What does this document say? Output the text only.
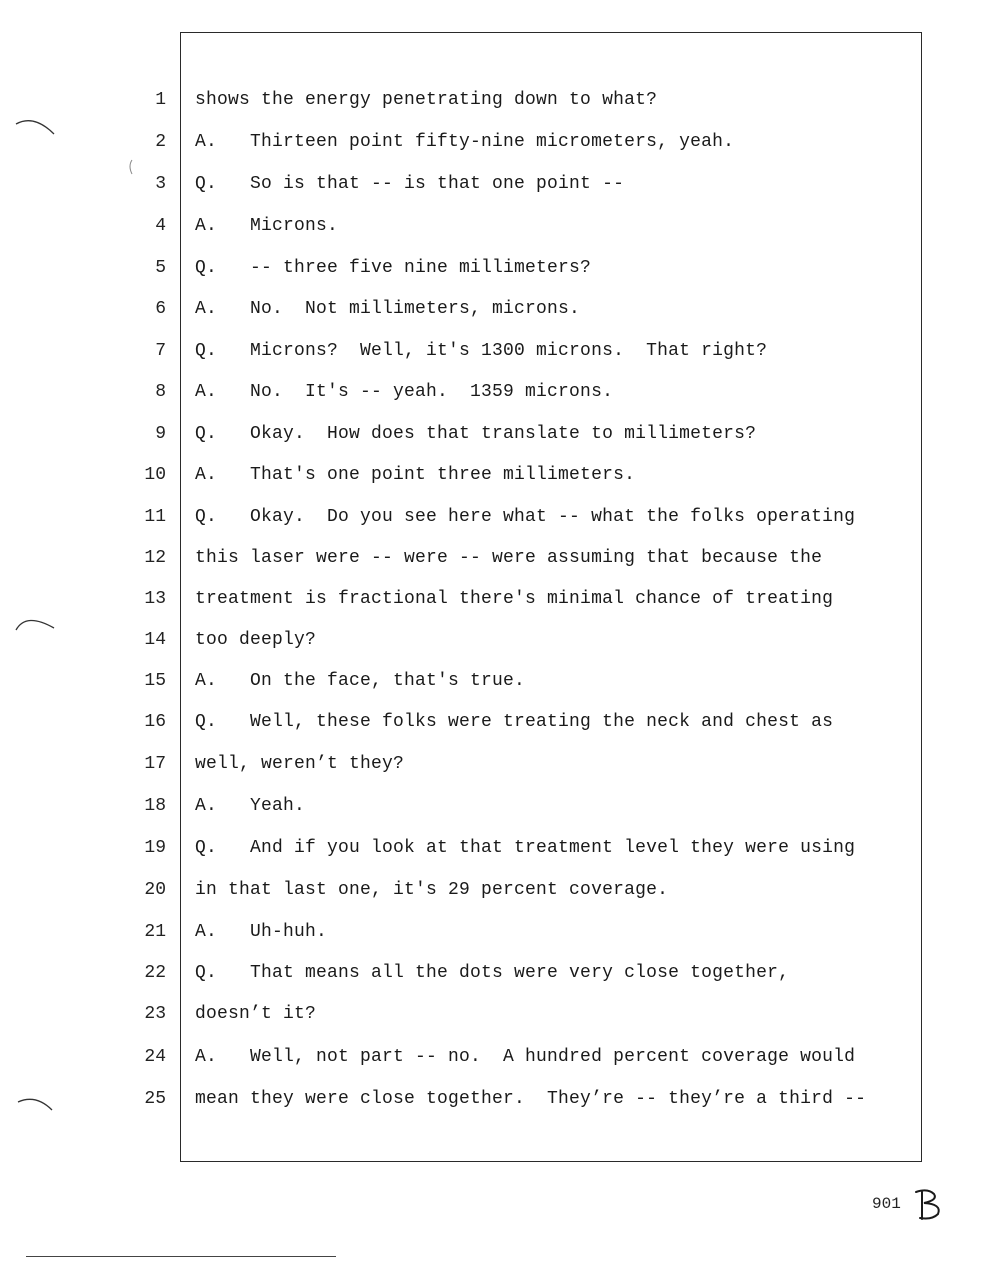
1
2
3
4
5
6
7
8
9
10
11
12
13
14
15
16
17
18
19
20
21
22
23
24
25
shows the energy penetrating down to what?
A.   Thirteen point fifty-nine micrometers, yeah.
Q.   So is that -- is that one point --
A.   Microns.
Q.   -- three five nine millimeters?
A.   No.  Not millimeters, microns.
Q.   Microns?  Well, it's 1300 microns.  That right?
A.   No.  It's -- yeah.  1359 microns.
Q.   Okay.  How does that translate to millimeters?
A.   That's one point three millimeters.
Q.   Okay.  Do you see here what -- what the folks operating
this laser were -- were -- were assuming that because the
treatment is fractional there's minimal chance of treating
too deeply?
A.   On the face, that's true.
Q.   Well, these folks were treating the neck and chest as
well, weren’t they?
A.   Yeah.
Q.   And if you look at that treatment level they were using
in that last one, it's 29 percent coverage.
A.   Uh-huh.
Q.   That means all the dots were very close together,
doesn’t it?
A.   Well, not part -- no.  A hundred percent coverage would
mean they were close together.  They’re -- they’re a third --
901
